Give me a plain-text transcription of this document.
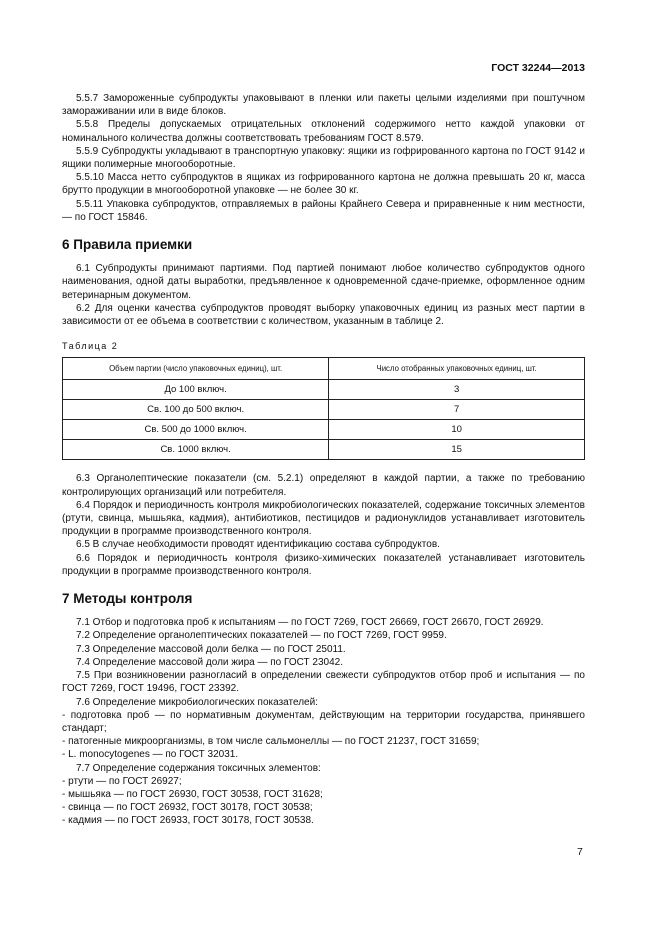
ГОСТ 32244—2013

5.5.7 Замороженные субпродукты упаковывают в пленки или пакеты целыми изделиями при поштучном замораживании или в виде блоков.

5.5.8 Пределы допускаемых отрицательных отклонений содержимого нетто каждой упаковки от номинального количества должны соответствовать требованиям ГОСТ 8.579.

5.5.9 Субпродукты укладывают в транспортную упаковку: ящики из гофрированного картона по ГОСТ 9142 и ящики полимерные многооборотные.

5.5.10 Масса нетто субпродуктов в ящиках из гофрированного картона не должна превышать 20 кг, масса брутто продукции в многооборотной упаковке — не более 30 кг.

5.5.11 Упаковка субпродуктов, отправляемых в районы Крайнего Севера и приравненные к ним местности, — по ГОСТ 15846.

6 Правила приемки

6.1 Субпродукты принимают партиями. Под партией понимают любое количество субпродуктов одного наименования, одной даты выработки, предъявленное к одновременной сдаче-приемке, оформленное одним ветеринарным документом.

6.2 Для оценки качества субпродуктов проводят выборку упаковочных единиц из разных мест партии в зависимости от ее объема в соответствии с количеством, указанным в таблице 2.

Таблица 2

Объем партии (число упаковочных единиц), шт.	Число отобранных упаковочных единиц, шт.
До 100 включ.	3
Св. 100 до 500 включ.	7
Св. 500 до 1000 включ.	10
Св. 1000 включ.	15

6.3 Органолептические показатели (см. 5.2.1) определяют в каждой партии, а также по требованию контролирующих организаций или потребителя.

6.4 Порядок и периодичность контроля микробиологических показателей, содержание токсичных элементов (ртути, свинца, мышьяка, кадмия), антибиотиков, пестицидов и радионуклидов устанавливает изготовитель продукции в программе производственного контроля.

6.5 В случае необходимости проводят идентификацию состава субпродуктов.

6.6 Порядок и периодичность контроля физико-химических показателей устанавливает изготовитель продукции в программе производственного контроля.

7 Методы контроля

7.1 Отбор и подготовка проб к испытаниям — по ГОСТ 7269, ГОСТ 26669, ГОСТ 26670, ГОСТ 26929.

7.2 Определение органолептических показателей — по ГОСТ 7269, ГОСТ 9959.

7.3 Определение массовой доли белка — по ГОСТ 25011.

7.4 Определение массовой доли жира — по ГОСТ 23042.

7.5 При возникновении разногласий в определении свежести субпродуктов отбор проб и испытания — по ГОСТ 7269, ГОСТ 19496, ГОСТ 23392.

7.6 Определение микробиологических показателей:

- подготовка проб — по нормативным документам, действующим на территории государства, принявшего стандарт;

- патогенные микроорганизмы, в том числе сальмонеллы — по ГОСТ 21237, ГОСТ 31659;

- L. monocytogenes — по ГОСТ 32031.

7.7 Определение содержания токсичных элементов:

- ртути — по ГОСТ 26927;

- мышьяка — по ГОСТ 26930, ГОСТ 30538, ГОСТ 31628;

- свинца — по ГОСТ 26932, ГОСТ 30178, ГОСТ 30538;

- кадмия — по ГОСТ 26933, ГОСТ 30178, ГОСТ 30538.

7
